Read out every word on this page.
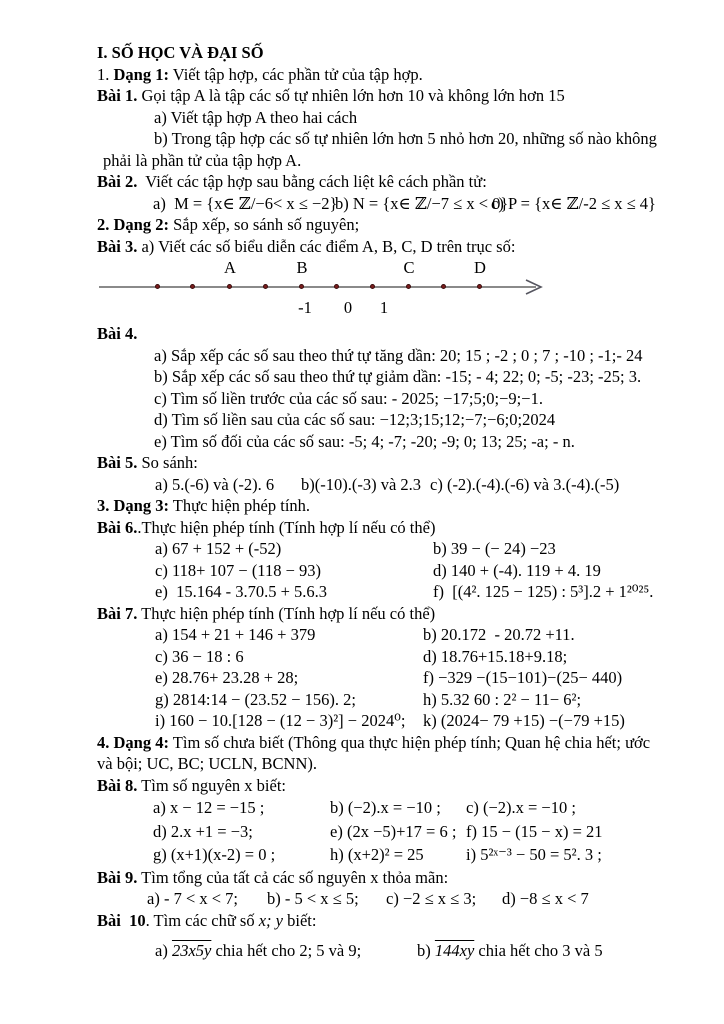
I. SỐ HỌC VÀ ĐẠI SỐ

1. Dạng 1: Viết tập hợp, các phần tử của tập hợp.

Bài 1. Gọi tập A là tập các số tự nhiên lớn hơn 10 và không lớn hơn 15

a) Viết tập hợp A theo hai cách

b) Trong tập hợp các số tự nhiên lớn hơn 5 nhỏ hơn 20, những số nào không

phải là phần tử của tập hợp A.

Bài 2.  Viết các tập hợp sau bằng cách liệt kê cách phần tử:

a)  M = {x∈ ℤ/−6< x ≤ −2}
b) N = {x∈ ℤ/−7 ≤ x < 0}
c) P = {x∈ ℤ/-2 ≤ x ≤ 4}

2. Dạng 2: Sắp xếp, so sánh số nguyên;

Bài 3. a) Viết các số biểu diễn các điểm A, B, C, D trên trục số:

A	B	C	D
-1 0 1

Bài 4.

a) Sắp xếp các số sau theo thứ tự tăng dần: 20; 15 ; -2 ; 0 ; 7 ; -10 ; -1;- 24

b) Sắp xếp các số sau theo thứ tự giảm dần: -15; - 4; 22; 0; -5; -23; -25; 3.

c) Tìm số liền trước của các số sau: - 2025; −17;5;0;−9;−1.

d) Tìm số liền sau của các số sau: −12;3;15;12;−7;−6;0;2024

e) Tìm số đối của các số sau: -5; 4; -7; -20; -9; 0; 13; 25; -a; - n.

Bài 5. So sánh:

a) 5.(-6) và (-2). 6	b)(-10).(-3) và 2.3 c) (-2).(-4).(-6) và 3.(-4).(-5)

3. Dạng 3: Thực hiện phép tính.

Bài 6..Thực hiện phép tính (Tính hợp lí nếu có thể)

a) 67 + 152 + (-52)	b) 39 − (− 24) −23
c) 118+ 107 − (118 − 93)	d) 140 + (-4). 119 + 4. 19
e)  15.164 - 3.70.5 + 5.6.3	f)  [(4². 125 − 125) : 5³].2 + 1²⁰²⁵.

Bài 7. Thực hiện phép tính (Tính hợp lí nếu có thể)

a) 154 + 21 + 146 + 379	b) 20.172  - 20.72 +11.
c) 36 − 18 : 6	d) 18.76+15.18+9.18;
e) 28.76+ 23.28 + 28;	f) −329 −(15−101)−(25− 440)
g) 2814:14 − (23.52 − 156). 2;	h) 5.32 60 : 2² − 11− 6²;
i) 160 − 10.[128 − (12 − 3)²] − 2024⁰;	k) (2024− 79 +15) −(−79 +15)

4. Dạng 4: Tìm số chưa biết (Thông qua thực hiện phép tính; Quan hệ chia hết; ước

và bội; UC, BC; UCLN, BCNN).

Bài 8. Tìm số nguyên x biết:

a) x − 12 = −15 ;	b) (−2).x = −10 ;	c) (−2).x = −10 ;
d) 2.x +1 = −3;	e) (2x −5)+17 = 6 ; f) 15 − (15 − x) = 21
g) (x+1)(x-2) = 0 ;	h) (x+2)² = 25	i) 5²ˣ⁻³ − 50 = 5². 3 ;

Bài 9. Tìm tổng của tất cả các số nguyên x thỏa mãn:

a) - 7 < x < 7;	b) - 5 < x ≤ 5;	c) −2 ≤ x ≤ 3;	d) −8 ≤ x < 7

Bài  10. Tìm các chữ số x; y biết:

a) 23x5y chia hết cho 2; 5 và 9;	b) 144xy chia hết cho 3 và 5
